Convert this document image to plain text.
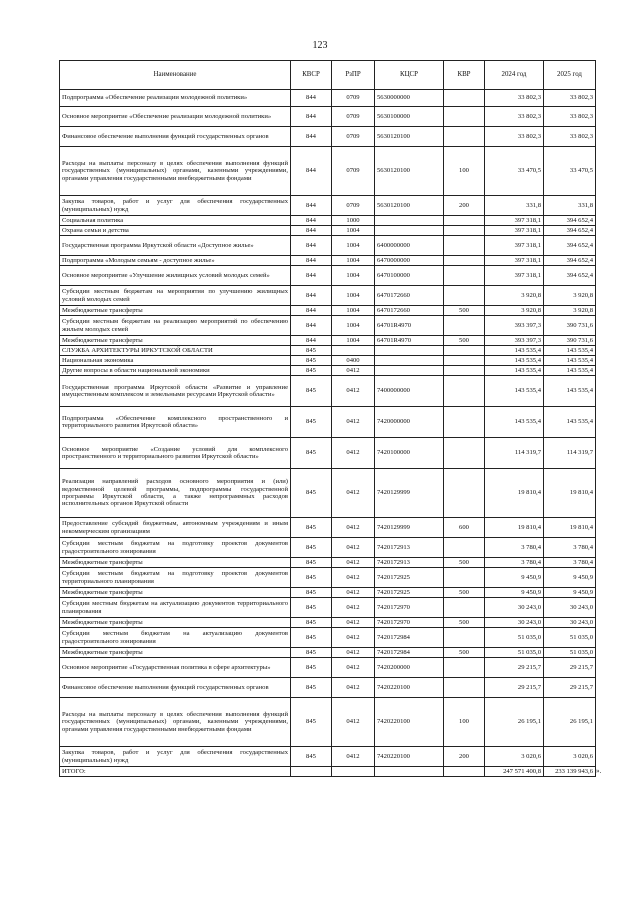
123
Наименование	КВСР	РзПР	КЦСР	КВР	2024 год	2025 год
Подпрограмма «Обеспечение реализации молодежной политики»	844	0709	5630000000		33 802,3	33 802,3
Основное мероприятие «Обеспечение реализации молодежной политики»	844	0709	5630100000		33 802,3	33 802,3
Финансовое обеспечение выполнения функций государственных органов	844	0709	5630120100		33 802,3	33 802,3
Расходы на выплаты персоналу в целях обеспечения выполнения функций государственных (муниципальных) органами, казенными учреждениями, органами управления государственными внебюджетными фондами	844	0709	5630120100	100	33 470,5	33 470,5
Закупка товаров, работ и услуг для обеспечения государственных (муниципальных) нужд	844	0709	5630120100	200	331,8	331,8
Социальная политика	844	1000			397 318,1	394 652,4
Охрана семьи и детства	844	1004			397 318,1	394 652,4
Государственная программа Иркутской области «Доступное жилье»	844	1004	6400000000		397 318,1	394 652,4
Подпрограмма «Молодым семьям - доступное жилье»	844	1004	6470000000		397 318,1	394 652,4
Основное мероприятие «Улучшение жилищных условий молодых семей»	844	1004	6470100000		397 318,1	394 652,4
Субсидии местным бюджетам на мероприятия по улучшению жилищных условий молодых семей	844	1004	6470172660		3 920,8	3 920,8
Межбюджетные трансферты	844	1004	6470172660	500	3 920,8	3 920,8
Субсидии местным бюджетам на реализацию мероприятий по обеспечению жильем молодых семей	844	1004	64701R4970		393 397,3	390 731,6
Межбюджетные трансферты	844	1004	64701R4970	500	393 397,3	390 731,6
СЛУЖБА АРХИТЕКТУРЫ ИРКУТСКОЙ ОБЛАСТИ	845				143 535,4	143 535,4
Национальная экономика	845	0400			143 535,4	143 535,4
Другие вопросы в области национальной экономики	845	0412			143 535,4	143 535,4
Государственная программа Иркутской области «Развитие и управление имущественным комплексом и земельными ресурсами Иркутской области»	845	0412	7400000000		143 535,4	143 535,4
Подпрограмма «Обеспечение комплексного пространственного и территориального развития Иркутской области»	845	0412	7420000000		143 535,4	143 535,4
Основное мероприятие «Создание условий для комплексного пространственного и территориального развития Иркутской области»	845	0412	7420100000		114 319,7	114 319,7
Реализация направлений расходов основного мероприятия и (или) ведомственной целевой программы, подпрограммы государственной программы Иркутской области, а также непрограммных расходов исполнительных органов Иркутской области	845	0412	7420129999		19 810,4	19 810,4
Предоставление субсидий бюджетным, автономным учреждениям и иным некоммерческим организациям	845	0412	7420129999	600	19 810,4	19 810,4
Субсидии местным бюджетам на подготовку проектов документов градостроительного зонирования	845	0412	7420172913		3 780,4	3 780,4
Межбюджетные трансферты	845	0412	7420172913	500	3 780,4	3 780,4
Субсидии местным бюджетам на подготовку проектов документов территориального планирования	845	0412	7420172925		9 450,9	9 450,9
Межбюджетные трансферты	845	0412	7420172925	500	9 450,9	9 450,9
Субсидии местным бюджетам на актуализацию документов территориального планирования	845	0412	7420172970		30 243,0	30 243,0
Межбюджетные трансферты	845	0412	7420172970	500	30 243,0	30 243,0
Субсидии местным бюджетам на актуализацию документов градостроительного зонирования	845	0412	7420172984		51 035,0	51 035,0
Межбюджетные трансферты	845	0412	7420172984	500	51 035,0	51 035,0
Основное мероприятие «Государственная политика в сфере архитектуры»	845	0412	7420200000		29 215,7	29 215,7
Финансовое обеспечение выполнения функций государственных органов	845	0412	7420220100		29 215,7	29 215,7
Расходы на выплаты персоналу в целях обеспечения выполнения функций государственных (муниципальных) органами, казенными учреждениями, органами управления государственными внебюджетными фондами	845	0412	7420220100	100	26 195,1	26 195,1
Закупка товаров, работ и услуг для обеспечения государственных (муниципальных) нужд	845	0412	7420220100	200	3 020,6	3 020,6
ИТОГО:					247 571 400,8	233 139 943,6 ».
